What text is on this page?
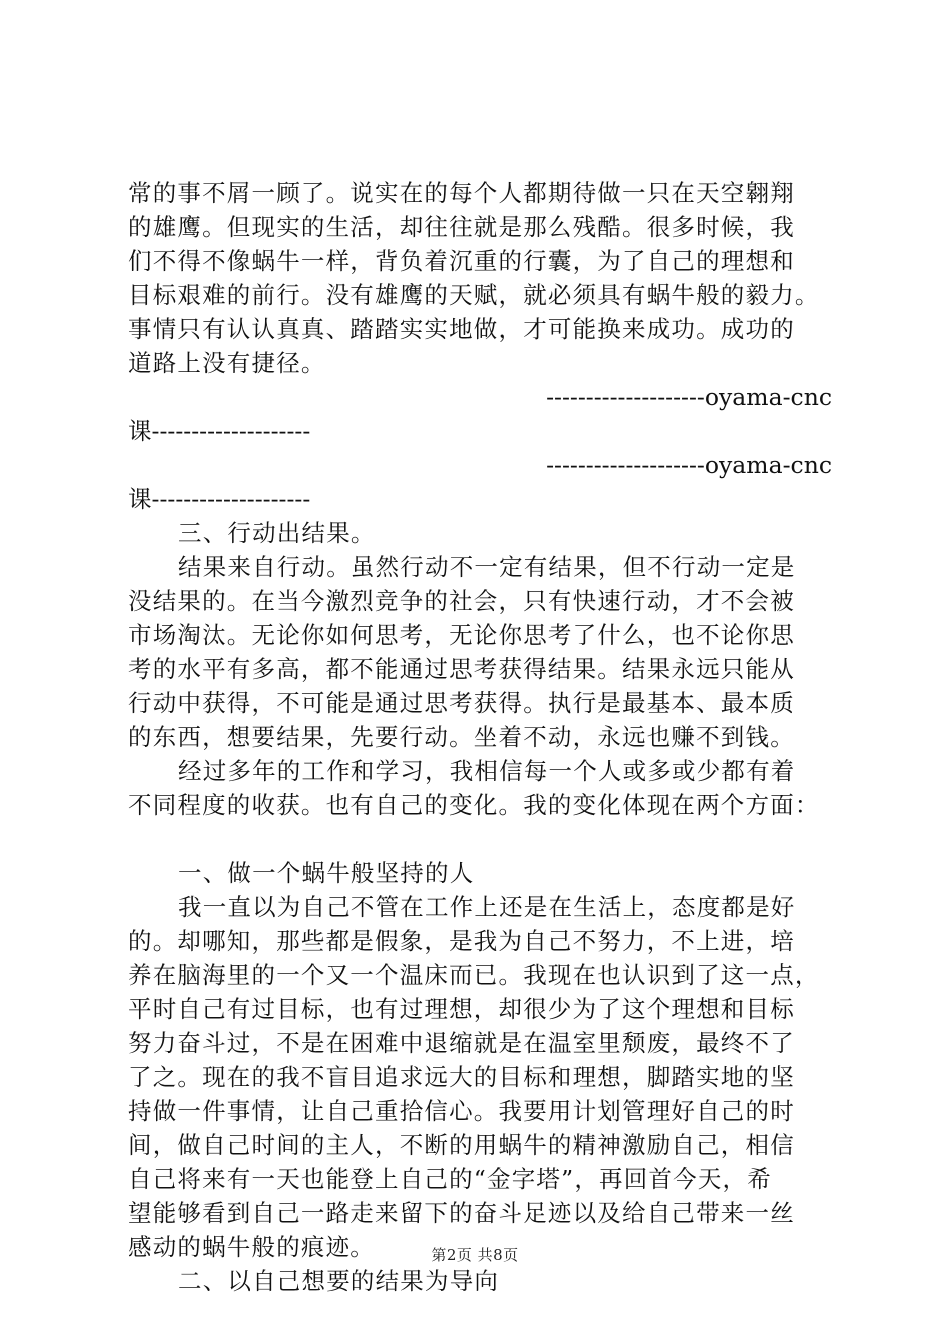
常的事不屑一顾了。说实在的每个人都期待做一只在天空翱翔
的雄鹰。但现实的生活，却往往就是那么残酷。很多时候，我
们不得不像蜗牛一样，背负着沉重的行囊，为了自己的理想和
目标艰难的前行。没有雄鹰的天赋，就必须具有蜗牛般的毅力。
事情只有认认真真、踏踏实实地做，才可能换来成功。成功的
道路上没有捷径。
--------------------oyama-cnc
课--------------------
--------------------oyama-cnc
课--------------------
三、行动出结果。
结果来自行动。虽然行动不一定有结果，但不行动一定是
没结果的。在当今激烈竞争的社会，只有快速行动，才不会被
市场淘汰。无论你如何思考，无论你思考了什么，也不论你思
考的水平有多高，都不能通过思考获得结果。结果永远只能从
行动中获得，不可能是通过思考获得。执行是最基本、最本质
的东西，想要结果，先要行动。坐着不动，永远也赚不到钱。
经过多年的工作和学习，我相信每一个人或多或少都有着
不同程度的收获。也有自己的变化。我的变化体现在两个方面：
一、做一个蜗牛般坚持的人
我一直以为自己不管在工作上还是在生活上，态度都是好
的。却哪知，那些都是假象，是我为自己不努力，不上进，培
养在脑海里的一个又一个温床而已。我现在也认识到了这一点，
平时自己有过目标，也有过理想，却很少为了这个理想和目标
努力奋斗过，不是在困难中退缩就是在温室里颓废，最终不了
了之。现在的我不盲目追求远大的目标和理想，脚踏实地的坚
持做一件事情，让自己重拾信心。我要用计划管理好自己的时
间，做自己时间的主人，不断的用蜗牛的精神激励自己，相信
自己将来有一天也能登上自己的“金字塔”，再回首今天，希
望能够看到自己一路走来留下的奋斗足迹以及给自己带来一丝
感动的蜗牛般的痕迹。
二、以自己想要的结果为导向
第2页 共8页
